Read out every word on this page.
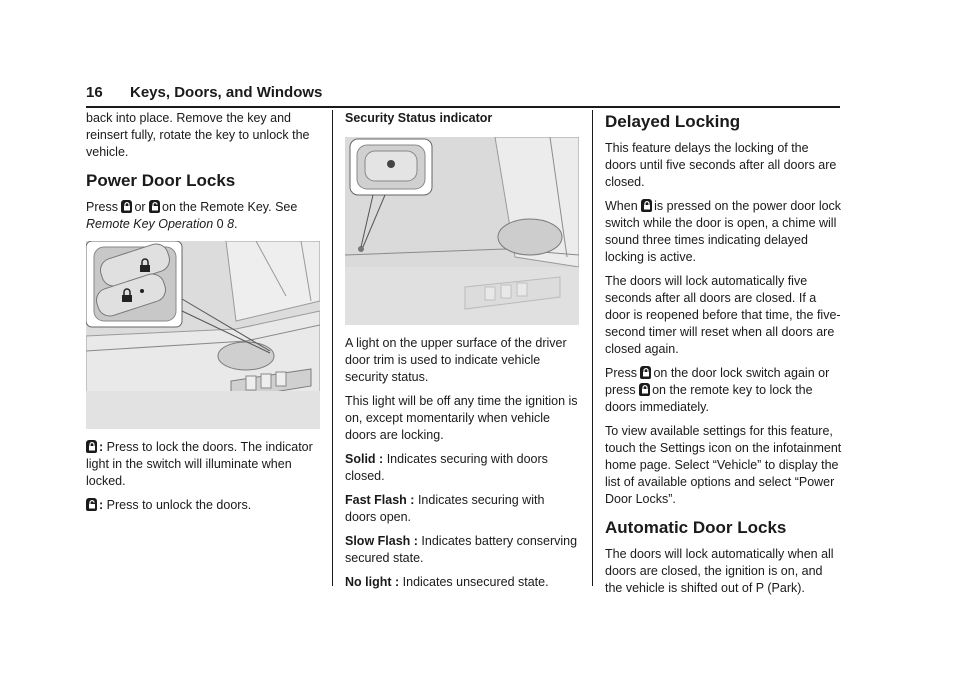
16 Keys, Doors, and Windows

back into place. Remove the key and reinsert fully, rotate the key to unlock the vehicle.

Power Door Locks

Press or on the Remote Key. See Remote Key Operation 0 8.

: Press to lock the doors. The indicator light in the switch will illuminate when locked.

: Press to unlock the doors.

Security Status indicator

A light on the upper surface of the driver door trim is used to indicate vehicle security status.

This light will be off any time the ignition is on, except momentarily when vehicle doors are locking.

Solid : Indicates securing with doors closed.

Fast Flash : Indicates securing with doors open.

Slow Flash : Indicates battery conserving secured state.

No light : Indicates unsecured state.

Delayed Locking

This feature delays the locking of the doors until five seconds after all doors are closed.

When is pressed on the power door lock switch while the door is open, a chime will sound three times indicating delayed locking is active.

The doors will lock automatically five seconds after all doors are closed. If a door is reopened before that time, the five-second timer will reset when all doors are closed again.

Press on the door lock switch again or
press on the remote key to lock the doors immediately.

To view available settings for this feature, touch the Settings icon on the infotainment home page. Select “Vehicle” to display the list of available options and select “Power Door Locks”.

Automatic Door Locks

The doors will lock automatically when all doors are closed, the ignition is on, and the vehicle is shifted out of P (Park).
